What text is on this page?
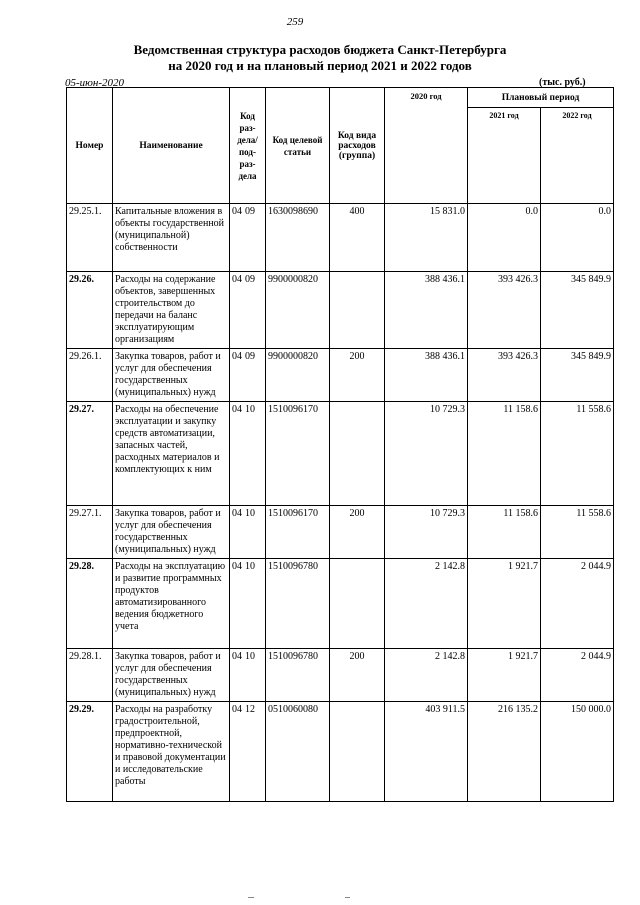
259
Ведомственная структура расходов бюджета Санкт-Петербурга
на 2020 год и на плановый период 2021 и 2022 годов
05-июн-2020	(тыс. руб.)
Номер	Наименование	Код раз-дела/ под-раз-дела	Код целевой статьи	Код вида расходов (группа)	2020 год	Плановый период	
						2021 год	2022 год
29.25.1.	Капитальные вложения в объекты государственной (муниципальной) собственности	04 09	1630098690	400	15 831.0	0.0	0.0
29.26.	Расходы на содержание объектов, завершенных строительством до передачи на баланс эксплуатирующим организациям	04 09	9900000820		388 436.1	393 426.3	345 849.9
29.26.1.	Закупка товаров, работ и услуг для обеспечения государственных (муниципальных) нужд	04 09	9900000820	200	388 436.1	393 426.3	345 849.9
29.27.	Расходы на обеспечение эксплуатации и закупку средств автоматизации, запасных частей, расходных материалов и комплектующих к ним	04 10	1510096170		10 729.3	11 158.6	11 558.6
29.27.1.	Закупка товаров, работ и услуг для обеспечения государственных (муниципальных) нужд	04 10	1510096170	200	10 729.3	11 158.6	11 558.6
29.28.	Расходы на эксплуатацию и развитие программных продуктов автоматизированного ведения бюджетного учета	04 10	1510096780		2 142.8	1 921.7	2 044.9
29.28.1.	Закупка товаров, работ и услуг для обеспечения государственных (муниципальных) нужд	04 10	1510096780	200	2 142.8	1 921.7	2 044.9
29.29.	Расходы на разработку градостроительной, предпроектной, нормативно-технической и правовой документации и исследовательские работы	04 12	0510060080		403 911.5	216 135.2	150 000.0
